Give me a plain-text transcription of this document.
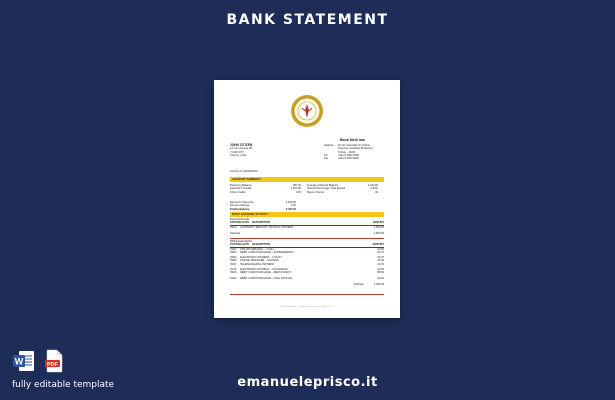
BANK STATEMENT
Bank Melli Iran
JOHN CITIZEN
12 Your Avenue Rd.
YOUR CITY
Country, Code
Address	No 32, Ostandari St. Tehran
Province, Ferdowsi Boulevard
Tehran – IRAN
Tel	+98 21 0000 0000
Fax	+98 21 0000 0000
Account #: 0123456789
ACCOUNT SUMMARY
Beginning Balance	987.00
Deposits & Credits	1,500.00
Other Credits	0.00
Average Collected Balance	1,234.56
Interest Percentage Yield Earned	0.00%
Days in Period	30
Electronic Payments	1,500.00
Service Charges	0.00
Ending Balance	2,456.00
DAILY ACCOUNT ACTIVITY
Deposits/Credits
POSTING DATE	DESCRIPTION	AMOUNT
03/10	AUTOMATIC DEPOSIT / PAYROLL PAYMENT	1,500.00
Subtotal:	1,500.00
Withdrawals/Debits
POSTING DATE	DESCRIPTION	AMOUNT
03/02	ATM WITHDRAWAL – CASH	20.00
03/03	DEBIT CARD PURCHASE – SUPERMARKET	62.72
03/04	ELECTRONIC PAYMENT – UTILITY	50.73
03/05	ONLINE TRANSFER – SAVINGS	36.99
03/07	TELEPHONE BILL PAYMENT	43.15
03/12	ELECTRONIC PAYMENT – INSURANCE	30.00
03/15	DEBIT CARD PURCHASE – RESTAURANT	88.50
03/20	DEBIT CARD PURCHASE – FUEL STATION	25.32
Subtotal:	1,456.00
Bank Melli Iran – Statement of account – page 1 of 1
W	PDF
fully editable template	emanueleprisco.it
